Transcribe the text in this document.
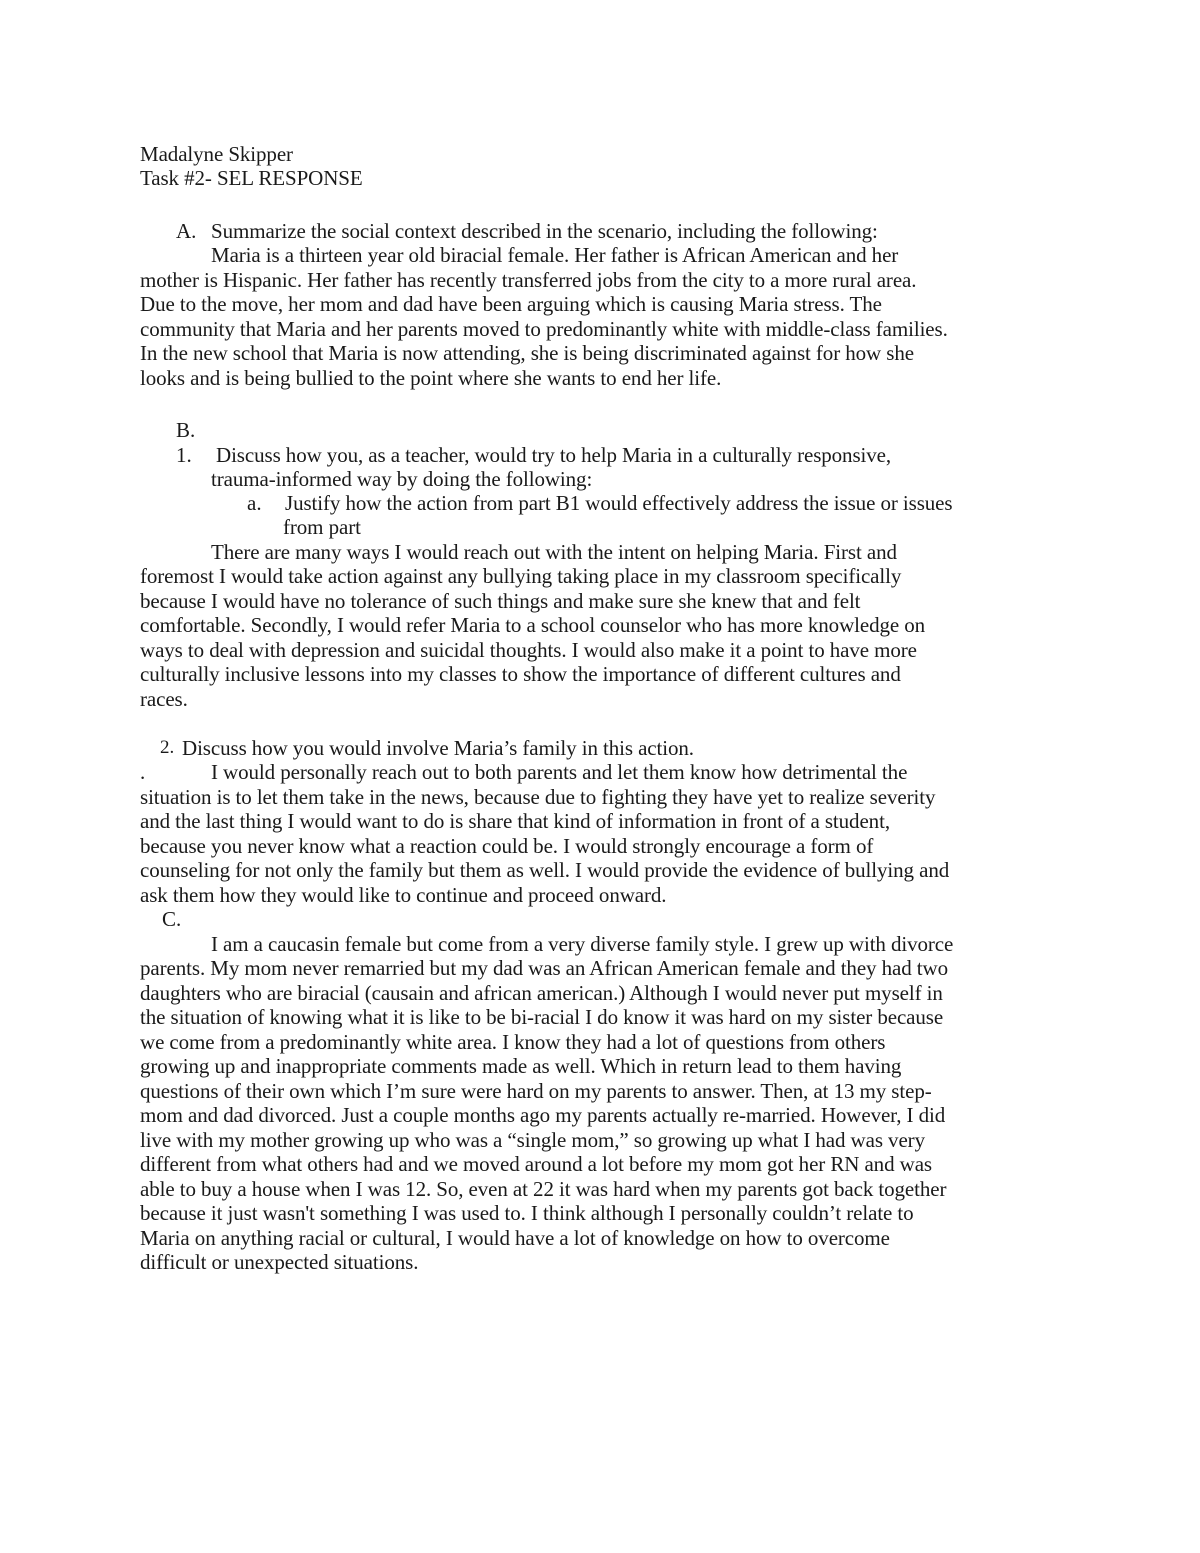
Madalyne Skipper
Task #2- SEL RESPONSE
A. Summarize the social context described in the scenario, including the following:
Maria is a thirteen year old biracial female. Her father is African American and her
mother is Hispanic. Her father has recently transferred jobs from the city to a more rural area.
Due to the move, her mom and dad have been arguing which is causing Maria stress. The
community that Maria and her parents moved to predominantly white with middle-class families.
In the new school that Maria is now attending, she is being discriminated against for how she
looks and is being bullied to the point where she wants to end her life.
B.
1. Discuss how you, as a teacher, would try to help Maria in a culturally responsive,
trauma-informed way by doing the following:
a. Justify how the action from part B1 would effectively address the issue or issues
from part
There are many ways I would reach out with the intent on helping Maria. First and
foremost I would take action against any bullying taking place in my classroom specifically
because I would have no tolerance of such things and make sure she knew that and felt
comfortable. Secondly, I would refer Maria to a school counselor who has more knowledge on
ways to deal with depression and suicidal thoughts. I would also make it a point to have more
culturally inclusive lessons into my classes to show the importance of different cultures and
races.
2. Discuss how you would involve Maria’s family in this action.
.	I would personally reach out to both parents and let them know how detrimental the
situation is to let them take in the news, because due to fighting they have yet to realize severity
and the last thing I would want to do is share that kind of information in front of a student,
because you never know what a reaction could be. I would strongly encourage a form of
counseling for not only the family but them as well. I would provide the evidence of bullying and
ask them how they would like to continue and proceed onward.
C.
I am a caucasin female but come from a very diverse family style. I grew up with divorce
parents. My mom never remarried but my dad was an African American female and they had two
daughters who are biracial (causain and african american.) Although I would never put myself in
the situation of knowing what it is like to be bi-racial I do know it was hard on my sister because
we come from a predominantly white area. I know they had a lot of questions from others
growing up and inappropriate comments made as well. Which in return lead to them having
questions of their own which I’m sure were hard on my parents to answer. Then, at 13 my step-
mom and dad divorced. Just a couple months ago my parents actually re-married. However, I did
live with my mother growing up who was a “single mom,” so growing up what I had was very
different from what others had and we moved around a lot before my mom got her RN and was
able to buy a house when I was 12. So, even at 22 it was hard when my parents got back together
because it just wasn't something I was used to. I think although I personally couldn’t relate to
Maria on anything racial or cultural, I would have a lot of knowledge on how to overcome
difficult or unexpected situations.
